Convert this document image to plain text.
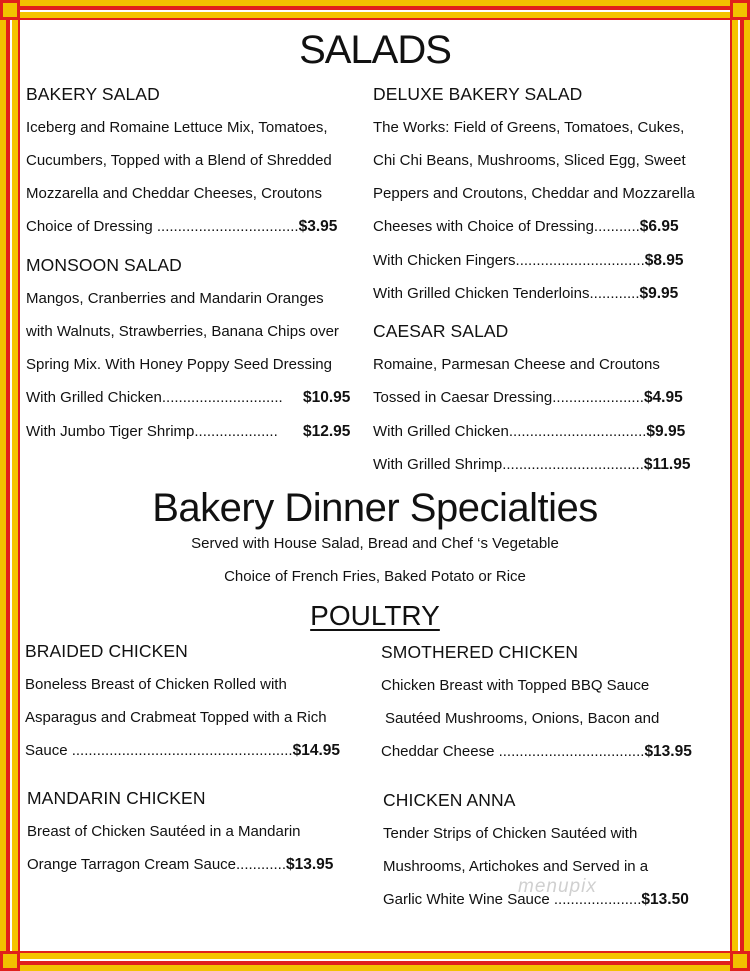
SALADS
BAKERY SALAD
Iceberg and Romaine Lettuce Mix, Tomatoes,
Cucumbers, Topped with a Blend of Shredded
Mozzarella and Cheddar Cheeses, Croutons
Choice of Dressing ..................................$3.95
MONSOON SALAD
Mangos, Cranberries and Mandarin Oranges
with Walnuts, Strawberries, Banana Chips over
Spring Mix. With Honey Poppy Seed Dressing
With Grilled Chicken............................. $10.95
With Jumbo Tiger Shrimp.................... $12.95
DELUXE BAKERY SALAD
The Works: Field of Greens, Tomatoes, Cukes,
Chi Chi Beans, Mushrooms, Sliced Egg, Sweet
Peppers and Croutons, Cheddar and Mozzarella
Cheeses with Choice of Dressing...........$6.95
With Chicken Fingers...............................$8.95
With Grilled Chicken Tenderloins............$9.95
CAESAR SALAD
Romaine, Parmesan Cheese and Croutons
Tossed in Caesar Dressing......................$4.95
With Grilled Chicken.................................$9.95
With Grilled Shrimp..................................$11.95
Bakery Dinner Specialties
Served with House Salad, Bread and Chef ‘s Vegetable
Choice of French Fries, Baked Potato or Rice
POULTRY
BRAIDED CHICKEN
Boneless Breast of Chicken Rolled with
Asparagus and Crabmeat Topped with a Rich
Sauce .....................................................$14.95
MANDARIN CHICKEN
Breast of Chicken Sautéed in a Mandarin
Orange Tarragon Cream Sauce............$13.95
SMOTHERED CHICKEN
Chicken Breast with Topped BBQ Sauce
Sautéed Mushrooms, Onions, Bacon and
Cheddar Cheese ...................................$13.95
CHICKEN ANNA
Tender Strips of Chicken Sautéed with
Mushrooms, Artichokes and Served in a
Garlic White Wine Sauce .....................$13.50
menupix
